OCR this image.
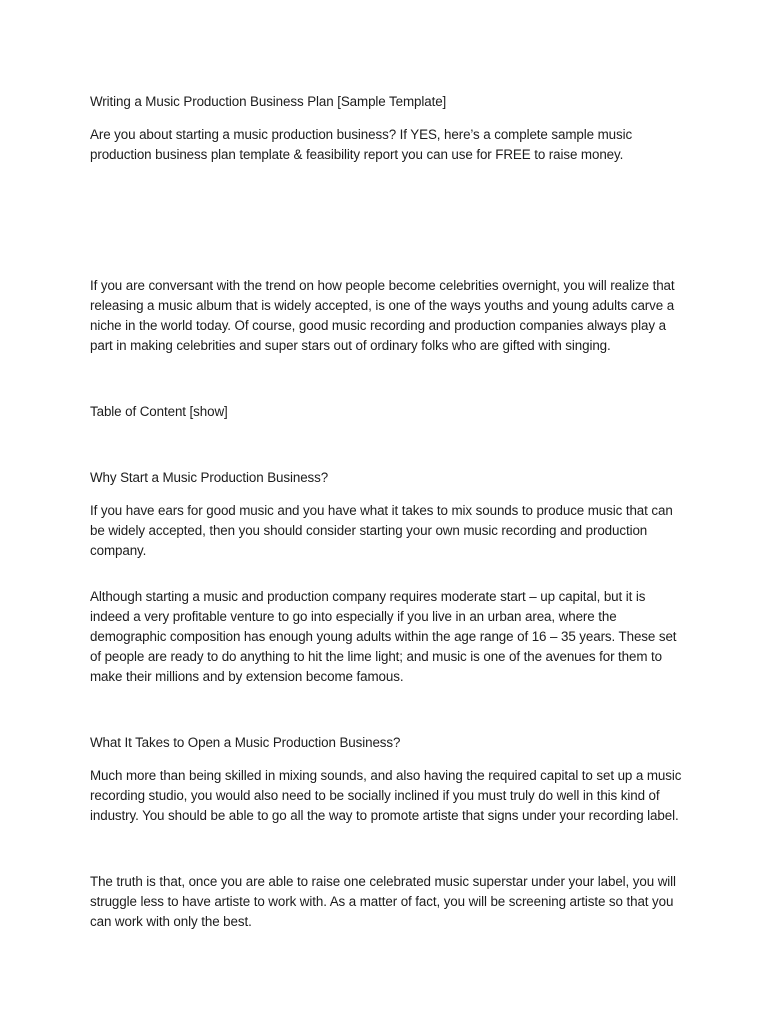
Writing a Music Production Business Plan [Sample Template]

Are you about starting a music production business? If YES, here’s a complete sample music production business plan template & feasibility report you can use for FREE to raise money.

If you are conversant with the trend on how people become celebrities overnight, you will realize that releasing a music album that is widely accepted, is one of the ways youths and young adults carve a niche in the world today. Of course, good music recording and production companies always play a part in making celebrities and super stars out of ordinary folks who are gifted with singing.

Table of Content [show]

Why Start a Music Production Business?

If you have ears for good music and you have what it takes to mix sounds to produce music that can be widely accepted, then you should consider starting your own music recording and production company.

Although starting a music and production company requires moderate start – up capital, but it is indeed a very profitable venture to go into especially if you live in an urban area, where the demographic composition has enough young adults within the age range of 16 – 35 years. These set of people are ready to do anything to hit the lime light; and music is one of the avenues for them to make their millions and by extension become famous.

What It Takes to Open a Music Production Business?

Much more than being skilled in mixing sounds, and also having the required capital to set up a music recording studio, you would also need to be socially inclined if you must truly do well in this kind of industry. You should be able to go all the way to promote artiste that signs under your recording label.

The truth is that, once you are able to raise one celebrated music superstar under your label, you will struggle less to have artiste to work with. As a matter of fact, you will be screening artiste so that you can work with only the best.
